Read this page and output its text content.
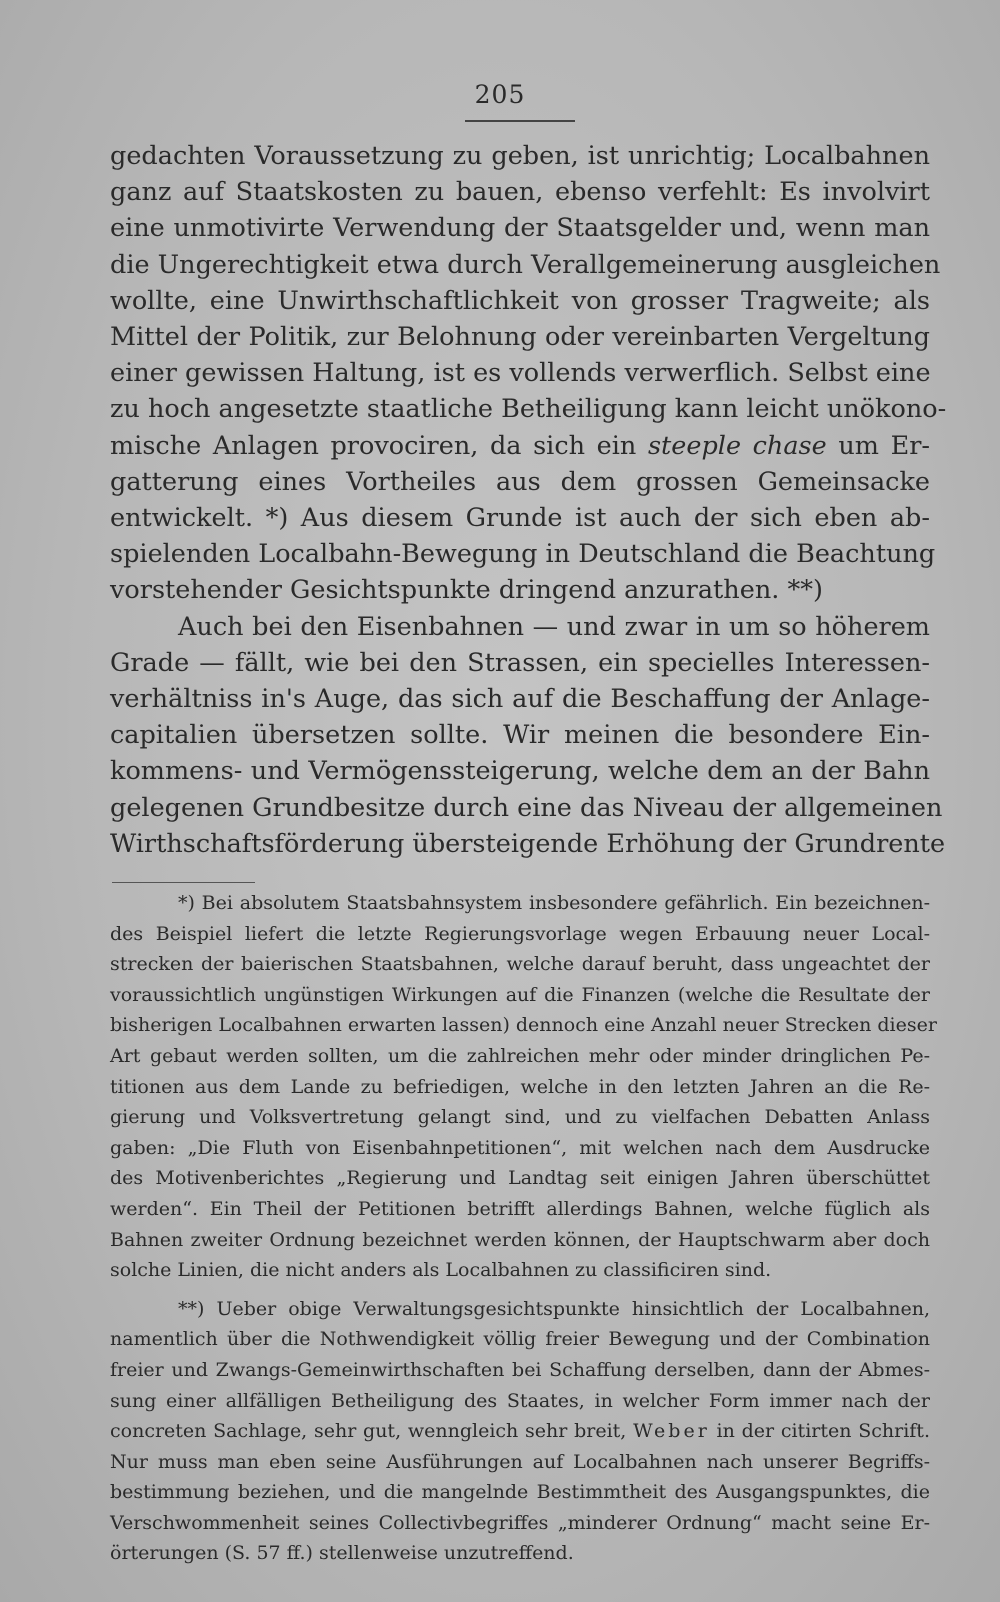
205
gedachten Voraussetzung zu geben, ist unrichtig; Localbahnen
ganz auf Staatskosten zu bauen, ebenso verfehlt: Es involvirt
eine unmotivirte Verwendung der Staatsgelder und, wenn man
die Ungerechtigkeit etwa durch Verallgemeinerung ausgleichen
wollte, eine Unwirthschaftlichkeit von grosser Tragweite; als
Mittel der Politik, zur Belohnung oder vereinbarten Vergeltung
einer gewissen Haltung, ist es vollends verwerflich. Selbst eine
zu hoch angesetzte staatliche Betheiligung kann leicht unökono-
mische Anlagen provociren, da sich ein steeple chase um Er-
gatterung eines Vortheiles aus dem grossen Gemeinsacke
entwickelt. *) Aus diesem Grunde ist auch der sich eben ab-
spielenden Localbahn-Bewegung in Deutschland die Beachtung
vorstehender Gesichtspunkte dringend anzurathen. **)
Auch bei den Eisenbahnen — und zwar in um so höherem
Grade — fällt, wie bei den Strassen, ein specielles Interessen-
verhältniss in's Auge, das sich auf die Beschaffung der Anlage-
capitalien übersetzen sollte. Wir meinen die besondere Ein-
kommens- und Vermögenssteigerung, welche dem an der Bahn
gelegenen Grundbesitze durch eine das Niveau der allgemeinen
Wirthschaftsförderung übersteigende Erhöhung der Grundrente
*) Bei absolutem Staatsbahnsystem insbesondere gefährlich. Ein bezeichnen-
des Beispiel liefert die letzte Regierungsvorlage wegen Erbauung neuer Local-
strecken der baierischen Staatsbahnen, welche darauf beruht, dass ungeachtet der
voraussichtlich ungünstigen Wirkungen auf die Finanzen (welche die Resultate der
bisherigen Localbahnen erwarten lassen) dennoch eine Anzahl neuer Strecken dieser
Art gebaut werden sollten, um die zahlreichen mehr oder minder dringlichen Pe-
titionen aus dem Lande zu befriedigen, welche in den letzten Jahren an die Re-
gierung und Volksvertretung gelangt sind, und zu vielfachen Debatten Anlass
gaben: „Die Fluth von Eisenbahnpetitionen“, mit welchen nach dem Ausdrucke
des Motivenberichtes „Regierung und Landtag seit einigen Jahren überschüttet
werden“. Ein Theil der Petitionen betrifft allerdings Bahnen, welche füglich als
Bahnen zweiter Ordnung bezeichnet werden können, der Hauptschwarm aber doch
solche Linien, die nicht anders als Localbahnen zu classificiren sind.
**) Ueber obige Verwaltungsgesichtspunkte hinsichtlich der Localbahnen,
namentlich über die Nothwendigkeit völlig freier Bewegung und der Combination
freier und Zwangs-Gemeinwirthschaften bei Schaffung derselben, dann der Abmes-
sung einer allfälligen Betheiligung des Staates, in welcher Form immer nach der
concreten Sachlage, sehr gut, wenngleich sehr breit, Weber in der citirten Schrift.
Nur muss man eben seine Ausführungen auf Localbahnen nach unserer Begriffs-
bestimmung beziehen, und die mangelnde Bestimmtheit des Ausgangspunktes, die
Verschwommenheit seines Collectivbegriffes „minderer Ordnung“ macht seine Er-
örterungen (S. 57 ff.) stellenweise unzutreffend.
